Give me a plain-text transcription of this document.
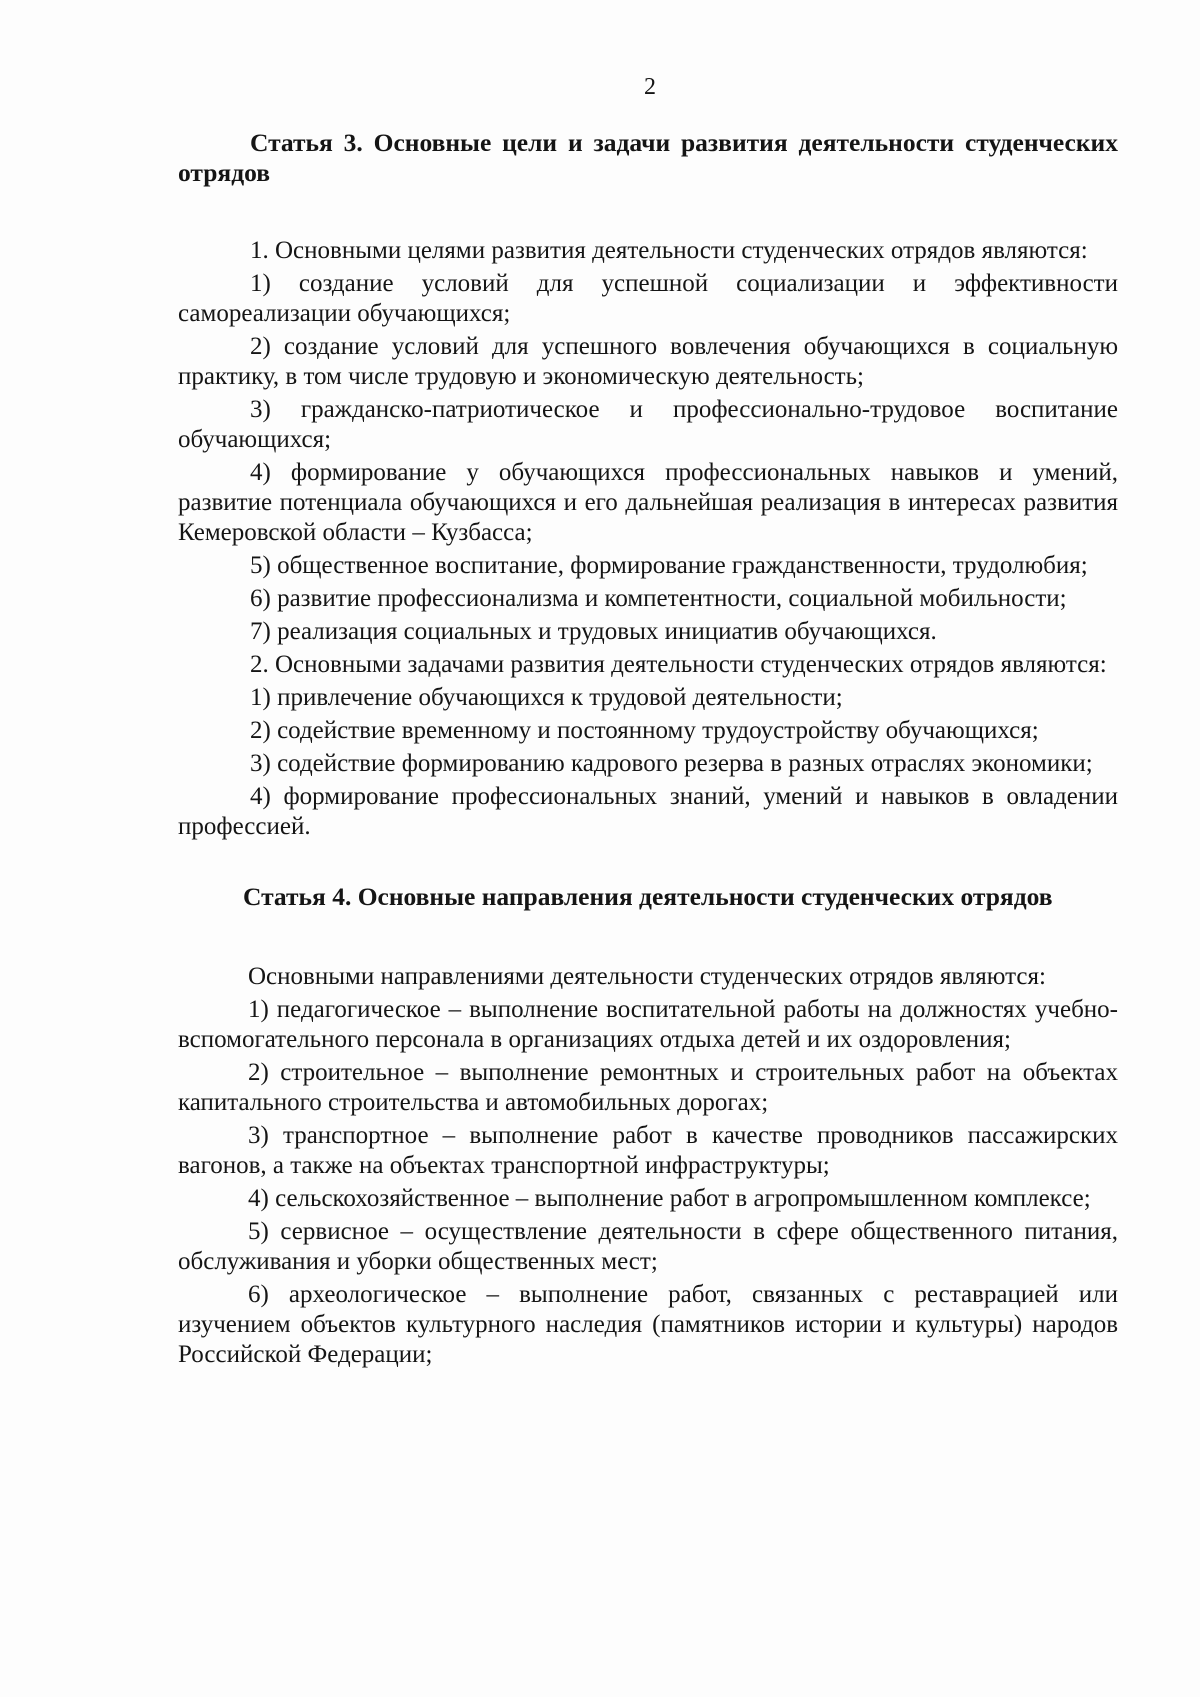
2

Статья 3. Основные цели и задачи развития деятельности студенческих отрядов

1. Основными целями развития деятельности студенческих отрядов являются:

1) создание условий для успешной социализации и эффективности самореализации обучающихся;

2) создание условий для успешного вовлечения обучающихся в социальную практику, в том числе трудовую и экономическую деятельность;

3) гражданско-патриотическое и профессионально-трудовое воспитание обучающихся;

4) формирование у обучающихся профессиональных навыков и умений, развитие потенциала обучающихся и его дальнейшая реализация в интересах развития Кемеровской области – Кузбасса;

5) общественное воспитание, формирование гражданственности, трудолюбия;

6) развитие профессионализма и компетентности, социальной мобильности;

7) реализация социальных и трудовых инициатив обучающихся.

2. Основными задачами развития деятельности студенческих отрядов являются:

1) привлечение обучающихся к трудовой деятельности;

2) содействие временному и постоянному трудоустройству обучающихся;

3) содействие формированию кадрового резерва в разных отраслях экономики;

4) формирование профессиональных знаний, умений и навыков в овладении профессией.

Статья 4. Основные направления деятельности студенческих отрядов

Основными направлениями деятельности студенческих отрядов являются:

1) педагогическое – выполнение воспитательной работы на должностях учебно-вспомогательного персонала в организациях отдыха детей и их оздоровления;

2) строительное – выполнение ремонтных и строительных работ на объектах капитального строительства и автомобильных дорогах;

3) транспортное – выполнение работ в качестве проводников пассажирских вагонов, а также на объектах транспортной инфраструктуры;

4) сельскохозяйственное – выполнение работ в агропромышленном комплексе;

5) сервисное – осуществление деятельности в сфере общественного питания, обслуживания и уборки общественных мест;

6) археологическое – выполнение работ, связанных с реставрацией или изучением объектов культурного наследия (памятников истории и культуры) народов Российской Федерации;
